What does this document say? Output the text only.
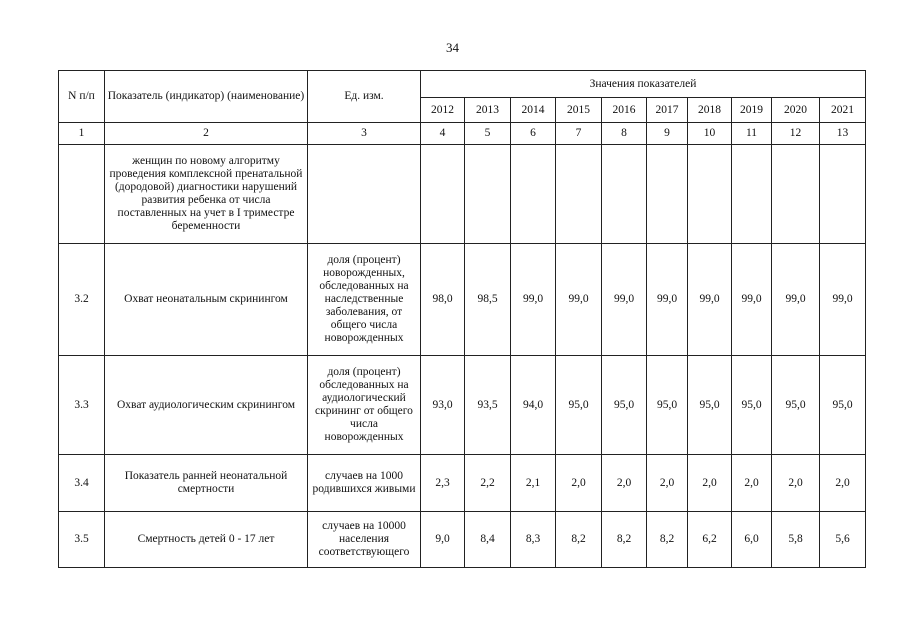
34
N п/п	Показатель (индикатор) (наименование)	Ед. изм.	Значения показателей									
			2012	2013	2014	2015	2016	2017	2018	2019	2020	2021
1	2	3	4	5	6	7	8	9	10	11	12	13
	женщин по новому алгоритму проведения комплексной пренатальной (дородовой) диагностики нарушений развития ребенка от числа поставленных на учет в I триместре беременности											
3.2	Охват неонатальным скринингом	доля (процент) новорожденных, обследованных на наследственные заболевания, от общего числа новорожденных	98,0	98,5	99,0	99,0	99,0	99,0	99,0	99,0	99,0	99,0
3.3	Охват аудиологическим скринингом	доля (процент) обследованных на аудиологический скрининг от общего числа новорожденных	93,0	93,5	94,0	95,0	95,0	95,0	95,0	95,0	95,0	95,0
3.4	Показатель ранней неонатальной смертности	случаев на 1000 родившихся живыми	2,3	2,2	2,1	2,0	2,0	2,0	2,0	2,0	2,0	2,0
3.5	Смертность детей 0 - 17 лет	случаев на 10000 населения соответствующего	9,0	8,4	8,3	8,2	8,2	8,2	6,2	6,0	5,8	5,6
